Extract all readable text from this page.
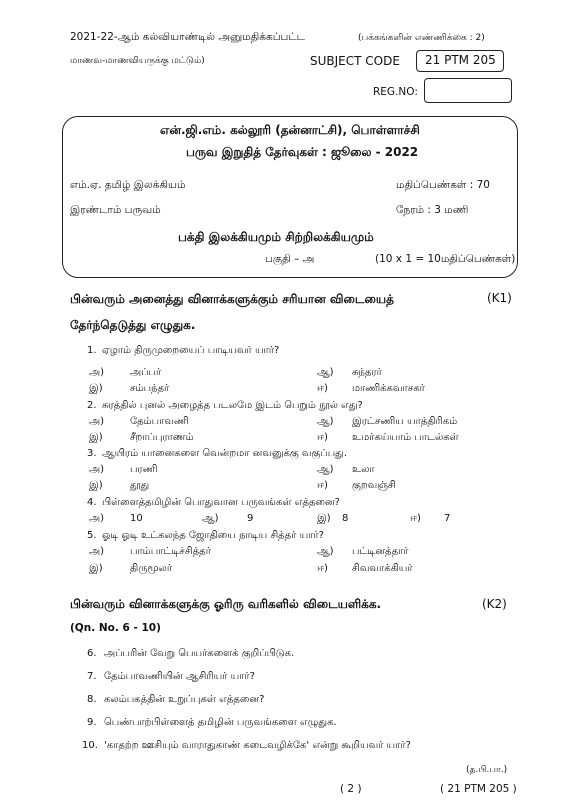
2021-22-ஆம் கல்வியாண்டில் அனுமதிக்கப்பட்ட	(பக்கங்களின் எண்ணிக்கை : 2)
மாணவ-மாணவியருக்கு மட்டும்)	SUBJECT CODE 21 PTM 205
REG.NO:
என்.ஜி.எம். கல்லூரி (தன்னாட்சி), பொள்ளாச்சி
பருவ இறுதித் தேர்வுகள் : ஜூலை - 2022
எம்.ஏ. தமிழ் இலக்கியம்	மதிப்பெண்கள் : 70
இரண்டாம் பருவம்	நேரம் : 3 மணி
பக்தி இலக்கியமும் சிற்றிலக்கியமும்
பகுதி – அ	(10 x 1 = 10மதிப்பெண்கள்)
பின்வரும் அனைத்து வினாக்களுக்கும் சரியான விடையைத்	(K1)
தேர்ந்தெடுத்து எழுதுக.
1. ஏழாம் திருமுறையைப் பாடியவர் யார்?
அ)	அப்பர்	ஆ) சுந்தரர்
இ)	சம்பந்தர்	ஈ) மாணிக்கவாசகர்
2. சுரத்தில் புனல் அழைத்த படலமே இடம் பெறும் நூல் எது?
அ)	தேம்பாவணி	ஆ) இரட்சணிய யாத்திரிகம்
இ)	சீறாப்புராணம்	ஈ) உமர்கய்யாம் பாடல்கள்
3. ஆயிரம் யானைகளை வென்றமா னவனுக்கு வகுப்பது.
அ)	பரணி	ஆ) உலா
இ)	தூது	ஈ) குறவஞ்சி
4. பிள்ளைத்தமிழின் பொதுவான பருவங்கள் எத்தனை?
அ)	10	ஆ)	9	இ) 8	ஈ) 7
5. ஓடி ஓடி உட்கலந்த ஜோதியை நாடிய சித்தர் யார்?
அ)	பாம்பாட்டிச்சித்தர்	ஆ) பட்டினத்தார்
இ)	திருமூலர்	ஈ) சிவவாக்கியர்
பின்வரும் வினாக்களுக்கு ஓரிரு வரிகளில் விடையளிக்க.	(K2)
(Qn. No. 6 - 10)
6. அப்பரின் வேறு பெயர்களைக் குறிப்பிடுக.
7. தேம்பாவணியின் ஆசிரியர் யார்?
8. கலம்பகத்தின் உறுப்புகள் எத்தனை?
9. பெண்பாற்பிள்ளைத் தமிழின் பருவங்களை எழுதுக.
10. 'காதற்ற ஊசியும் வாராதுகாண் கடைவழிக்கே' என்று கூறியவர் யார்?
(த.பி.பா.)
( 2 )	( 21 PTM 205 )
